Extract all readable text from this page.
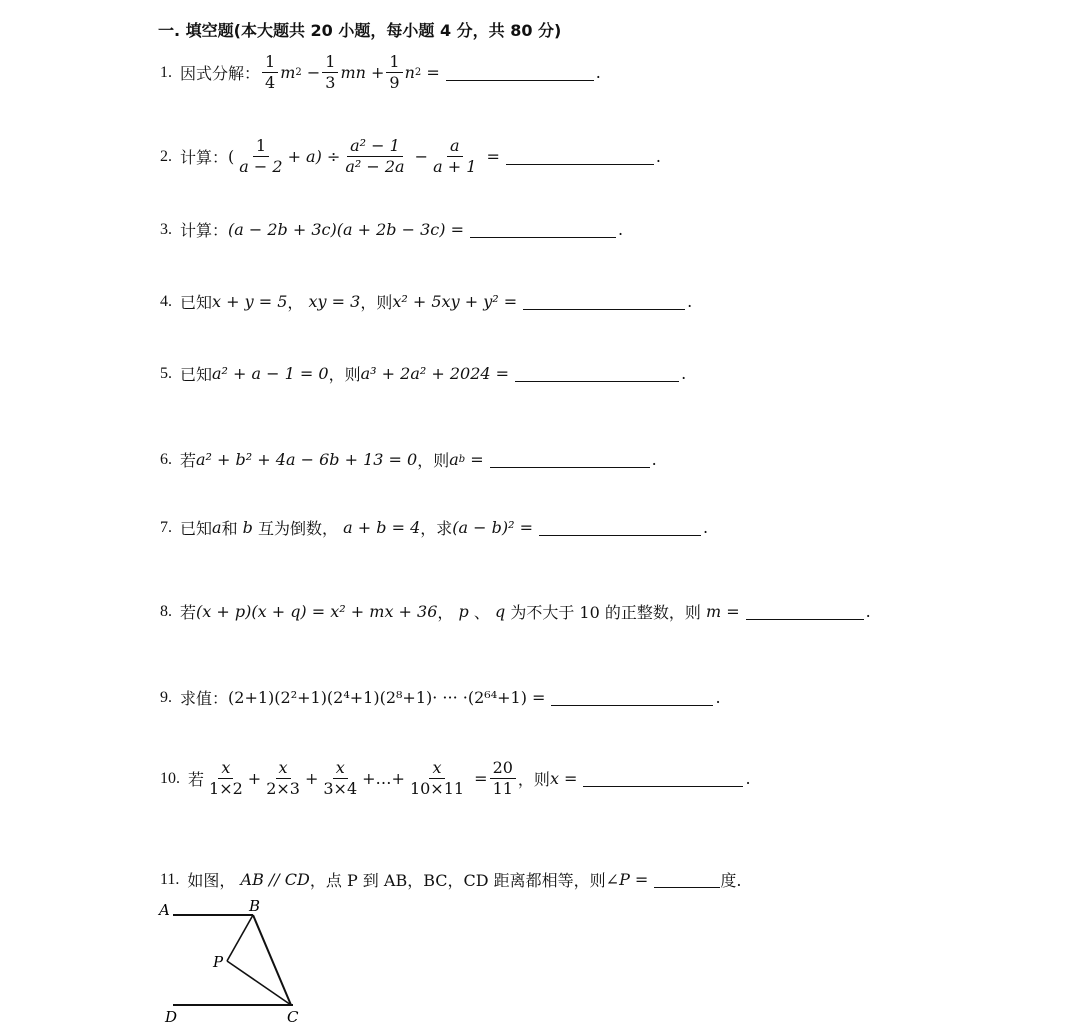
一. 填空题(本大题共 20 小题，每小题 4 分，共 80 分)
1. 因式分解： $\frac{1}{4}$ m $2 - \frac{1}{3}$ mn + $\frac{1}{9}$ n 2 =	.
2. 计算： ( $\frac{1}{a - 2} + a) \div \frac{\text{a² − 1}}{\text{a² − 2a}} - \frac{a}{a + 1}$ =	.
3. 计算： (a − 2b + 3c)(a + 2b − 3c) =	.
4. 已知 x + y = 5 ， xy = 3 ，则 x² + 5xy + y² =	.
5. 已知 a² + a − 1 = 0 ，则 a³ + 2a² + 2024 =	.
6. 若 a² + b² + 4a − 6b + 13 = 0 ，则 a b =	.
7. 已知 a 和
b
互为倒数，
a + b = 4 ，求 (a − b)² =	.
8. 若 (x + p)(x + q) = x² + mx + 36 ，
p
、
q
为不大于 10 的正整数，则
m =	.
9. 求值： (2+1)(2²+1)(2⁴+1)(2⁸+1)· ··· ·(2⁶⁴+1) =	.
10. 若 $\frac{x}{1\times 2} + \frac{x}{2\times 3} + \frac{x}{3\times 4}$ +…+ $\frac{x}{10\times 11} = \frac{20}{11}$ ，则 x =	.
11. 如图，
AB // CD ，点 P 到 AB，BC，CD 距离都相等，则 ∠P =	度.
A	B
P
D	C
